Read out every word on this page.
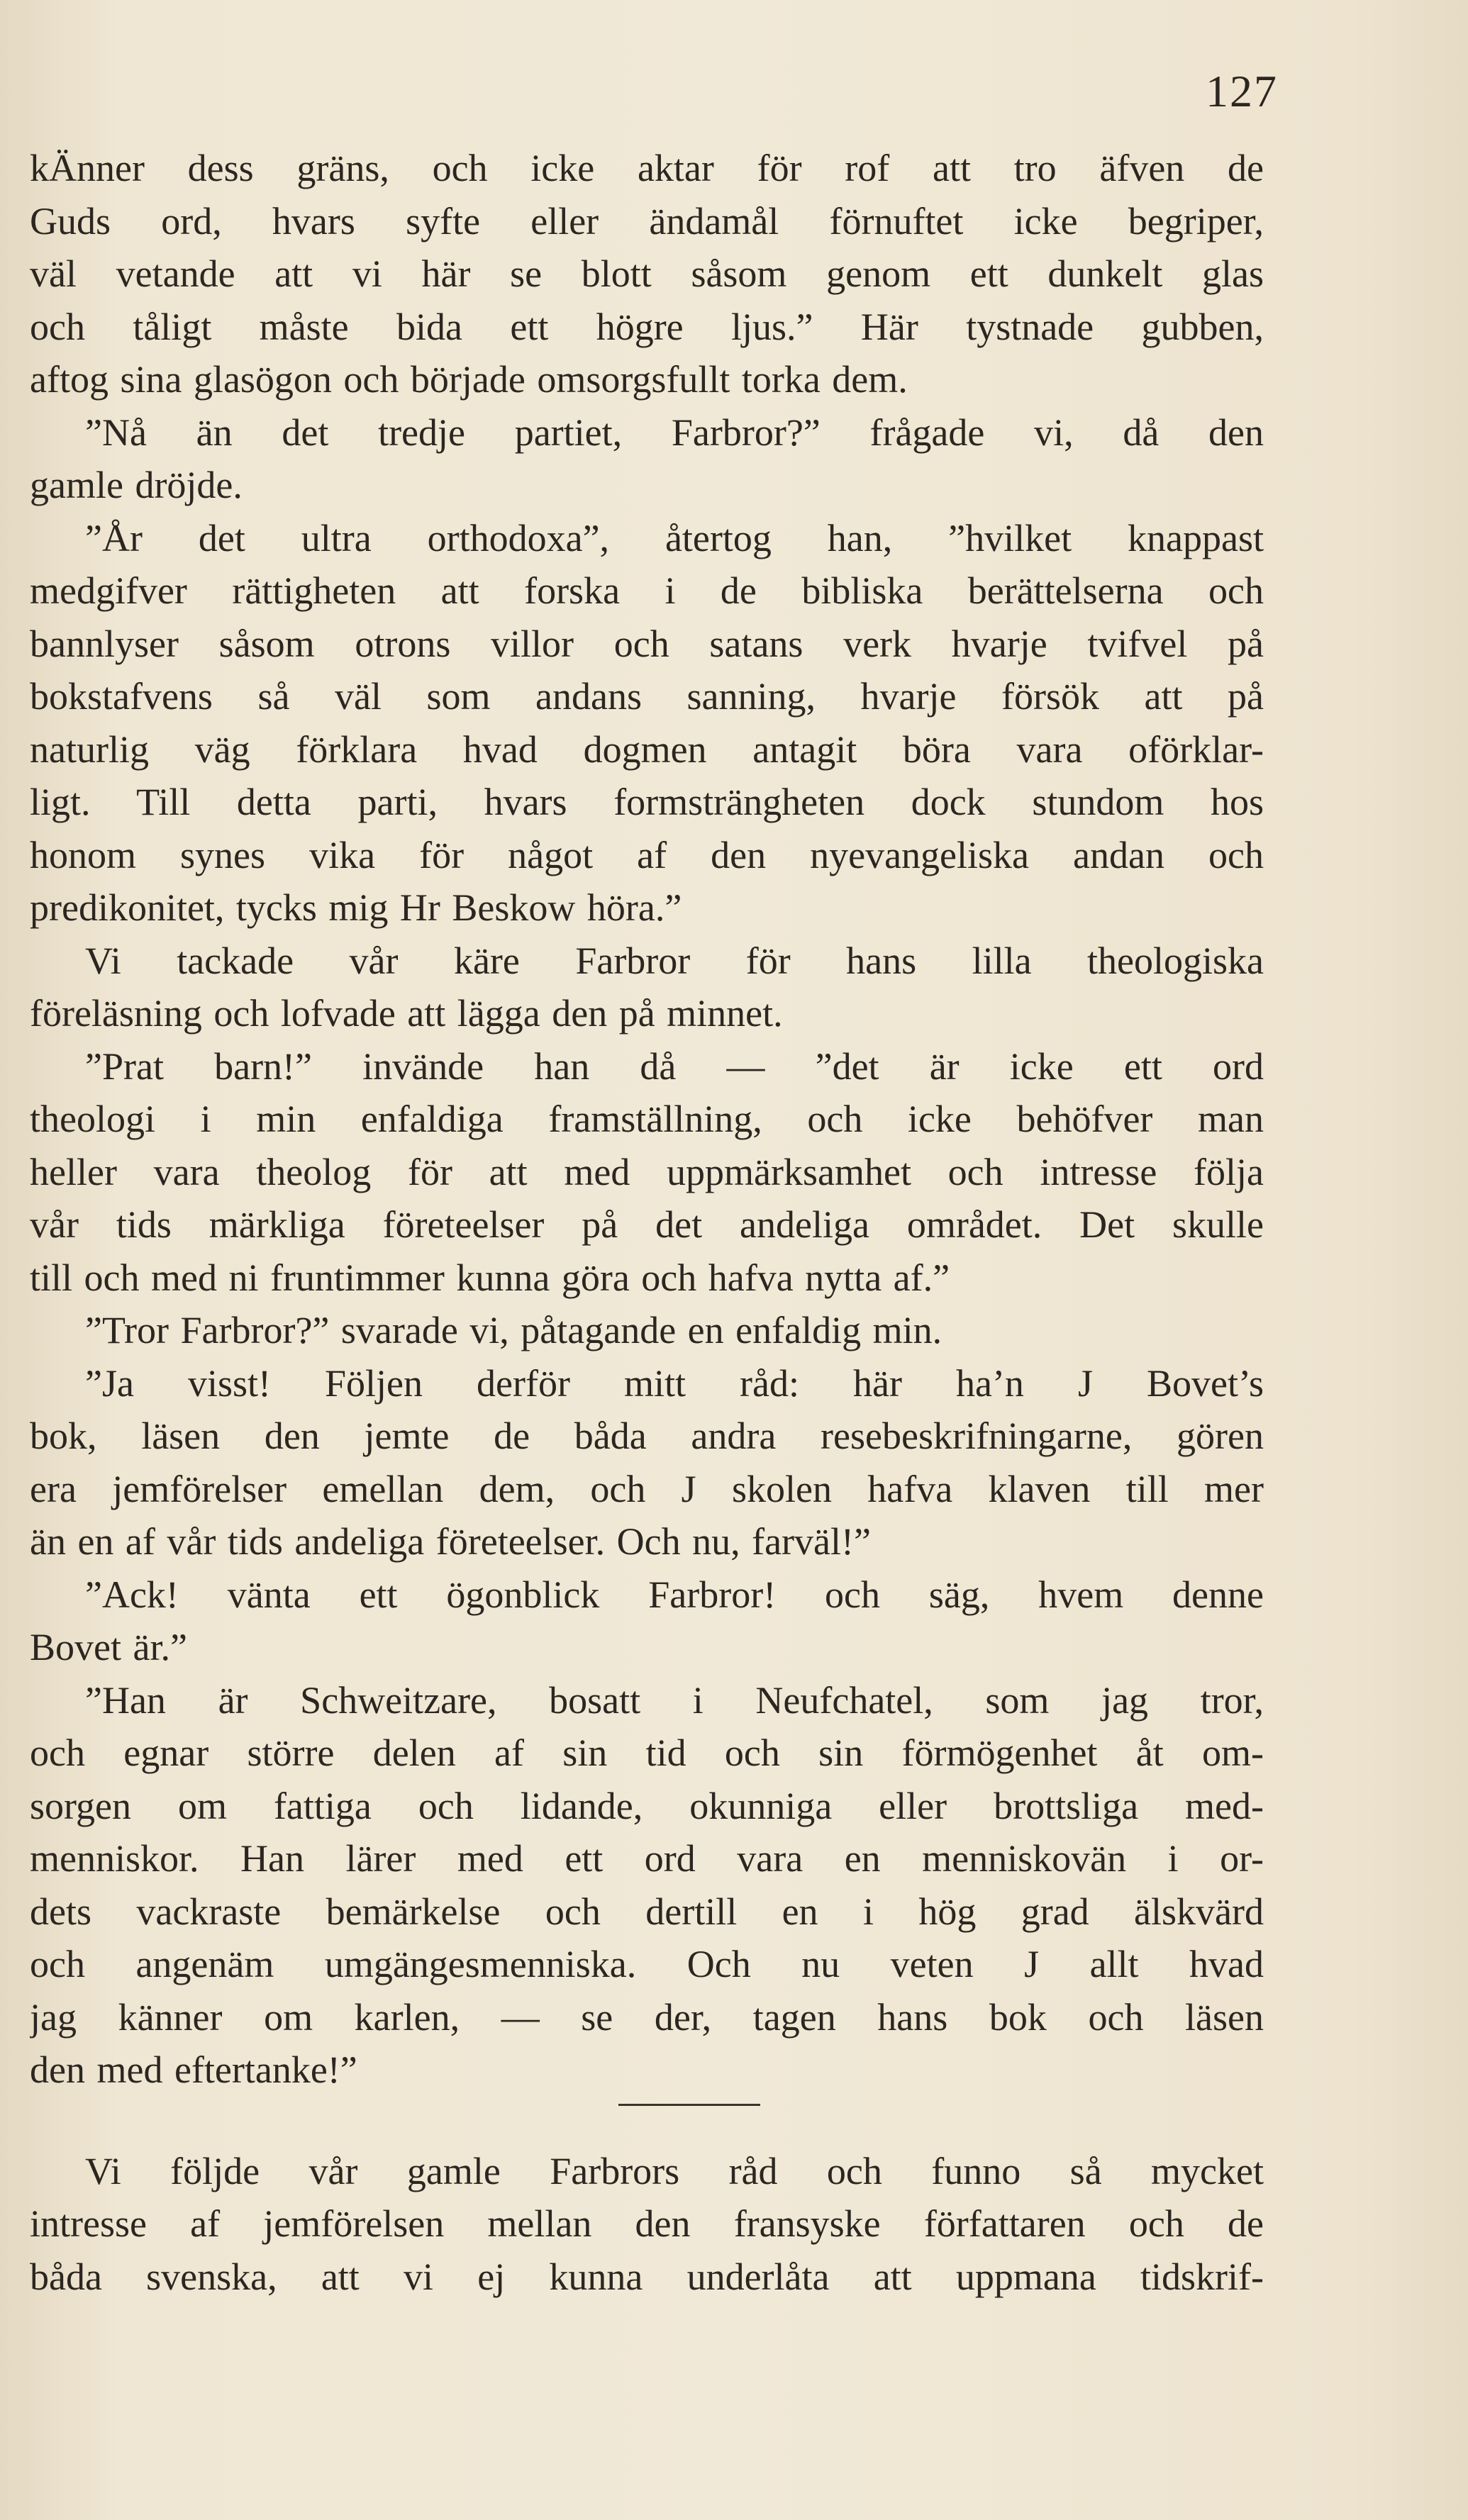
127
kÄnner dess gräns, och icke aktar för rof att tro äfven de
Guds ord, hvars syfte eller ändamål förnuftet icke begriper,
väl vetande att vi här se blott såsom genom ett dunkelt glas
och tåligt måste bida ett högre ljus.” Här tystnade gubben,
aftog sina glasögon och började omsorgsfullt torka dem.
”Nå än det tredje partiet, Farbror?” frågade vi, då den
gamle dröjde.
”År det ultra orthodoxa”, återtog han, ”hvilket knappast
medgifver rättigheten att forska i de bibliska berättelserna och
bannlyser såsom otrons villor och satans verk hvarje tvifvel på
bokstafvens så väl som andans sanning, hvarje försök att på
naturlig väg förklara hvad dogmen antagit böra vara oförklar-
ligt. Till detta parti, hvars formsträngheten dock stundom hos
honom synes vika för något af den nyevangeliska andan och
predikonitet, tycks mig Hr Beskow höra.”
Vi tackade vår käre Farbror för hans lilla theologiska
föreläsning och lofvade att lägga den på minnet.
”Prat barn!” invände han då — ”det är icke ett ord
theologi i min enfaldiga framställning, och icke behöfver man
heller vara theolog för att med uppmärksamhet och intresse följa
vår tids märkliga företeelser på det andeliga området. Det skulle
till och med ni fruntimmer kunna göra och hafva nytta af.”
”Tror Farbror?” svarade vi, påtagande en enfaldig min.
”Ja visst! Följen derför mitt råd: här ha’n J Bovet’s
bok, läsen den jemte de båda andra resebeskrifningarne, gören
era jemförelser emellan dem, och J skolen hafva klaven till mer
än en af vår tids andeliga företeelser. Och nu, farväl!”
”Ack! vänta ett ögonblick Farbror! och säg, hvem denne
Bovet är.”
”Han är Schweitzare, bosatt i Neufchatel, som jag tror,
och egnar större delen af sin tid och sin förmögenhet åt om-
sorgen om fattiga och lidande, okunniga eller brottsliga med-
menniskor. Han lärer med ett ord vara en menniskovän i or-
dets vackraste bemärkelse och dertill en i hög grad älskvärd
och angenäm umgängesmenniska. Och nu veten J allt hvad
jag känner om karlen, — se der, tagen hans bok och läsen
den med eftertanke!”
Vi följde vår gamle Farbrors råd och funno så mycket
intresse af jemförelsen mellan den fransyske författaren och de
båda svenska, att vi ej kunna underlåta att uppmana tidskrif-
